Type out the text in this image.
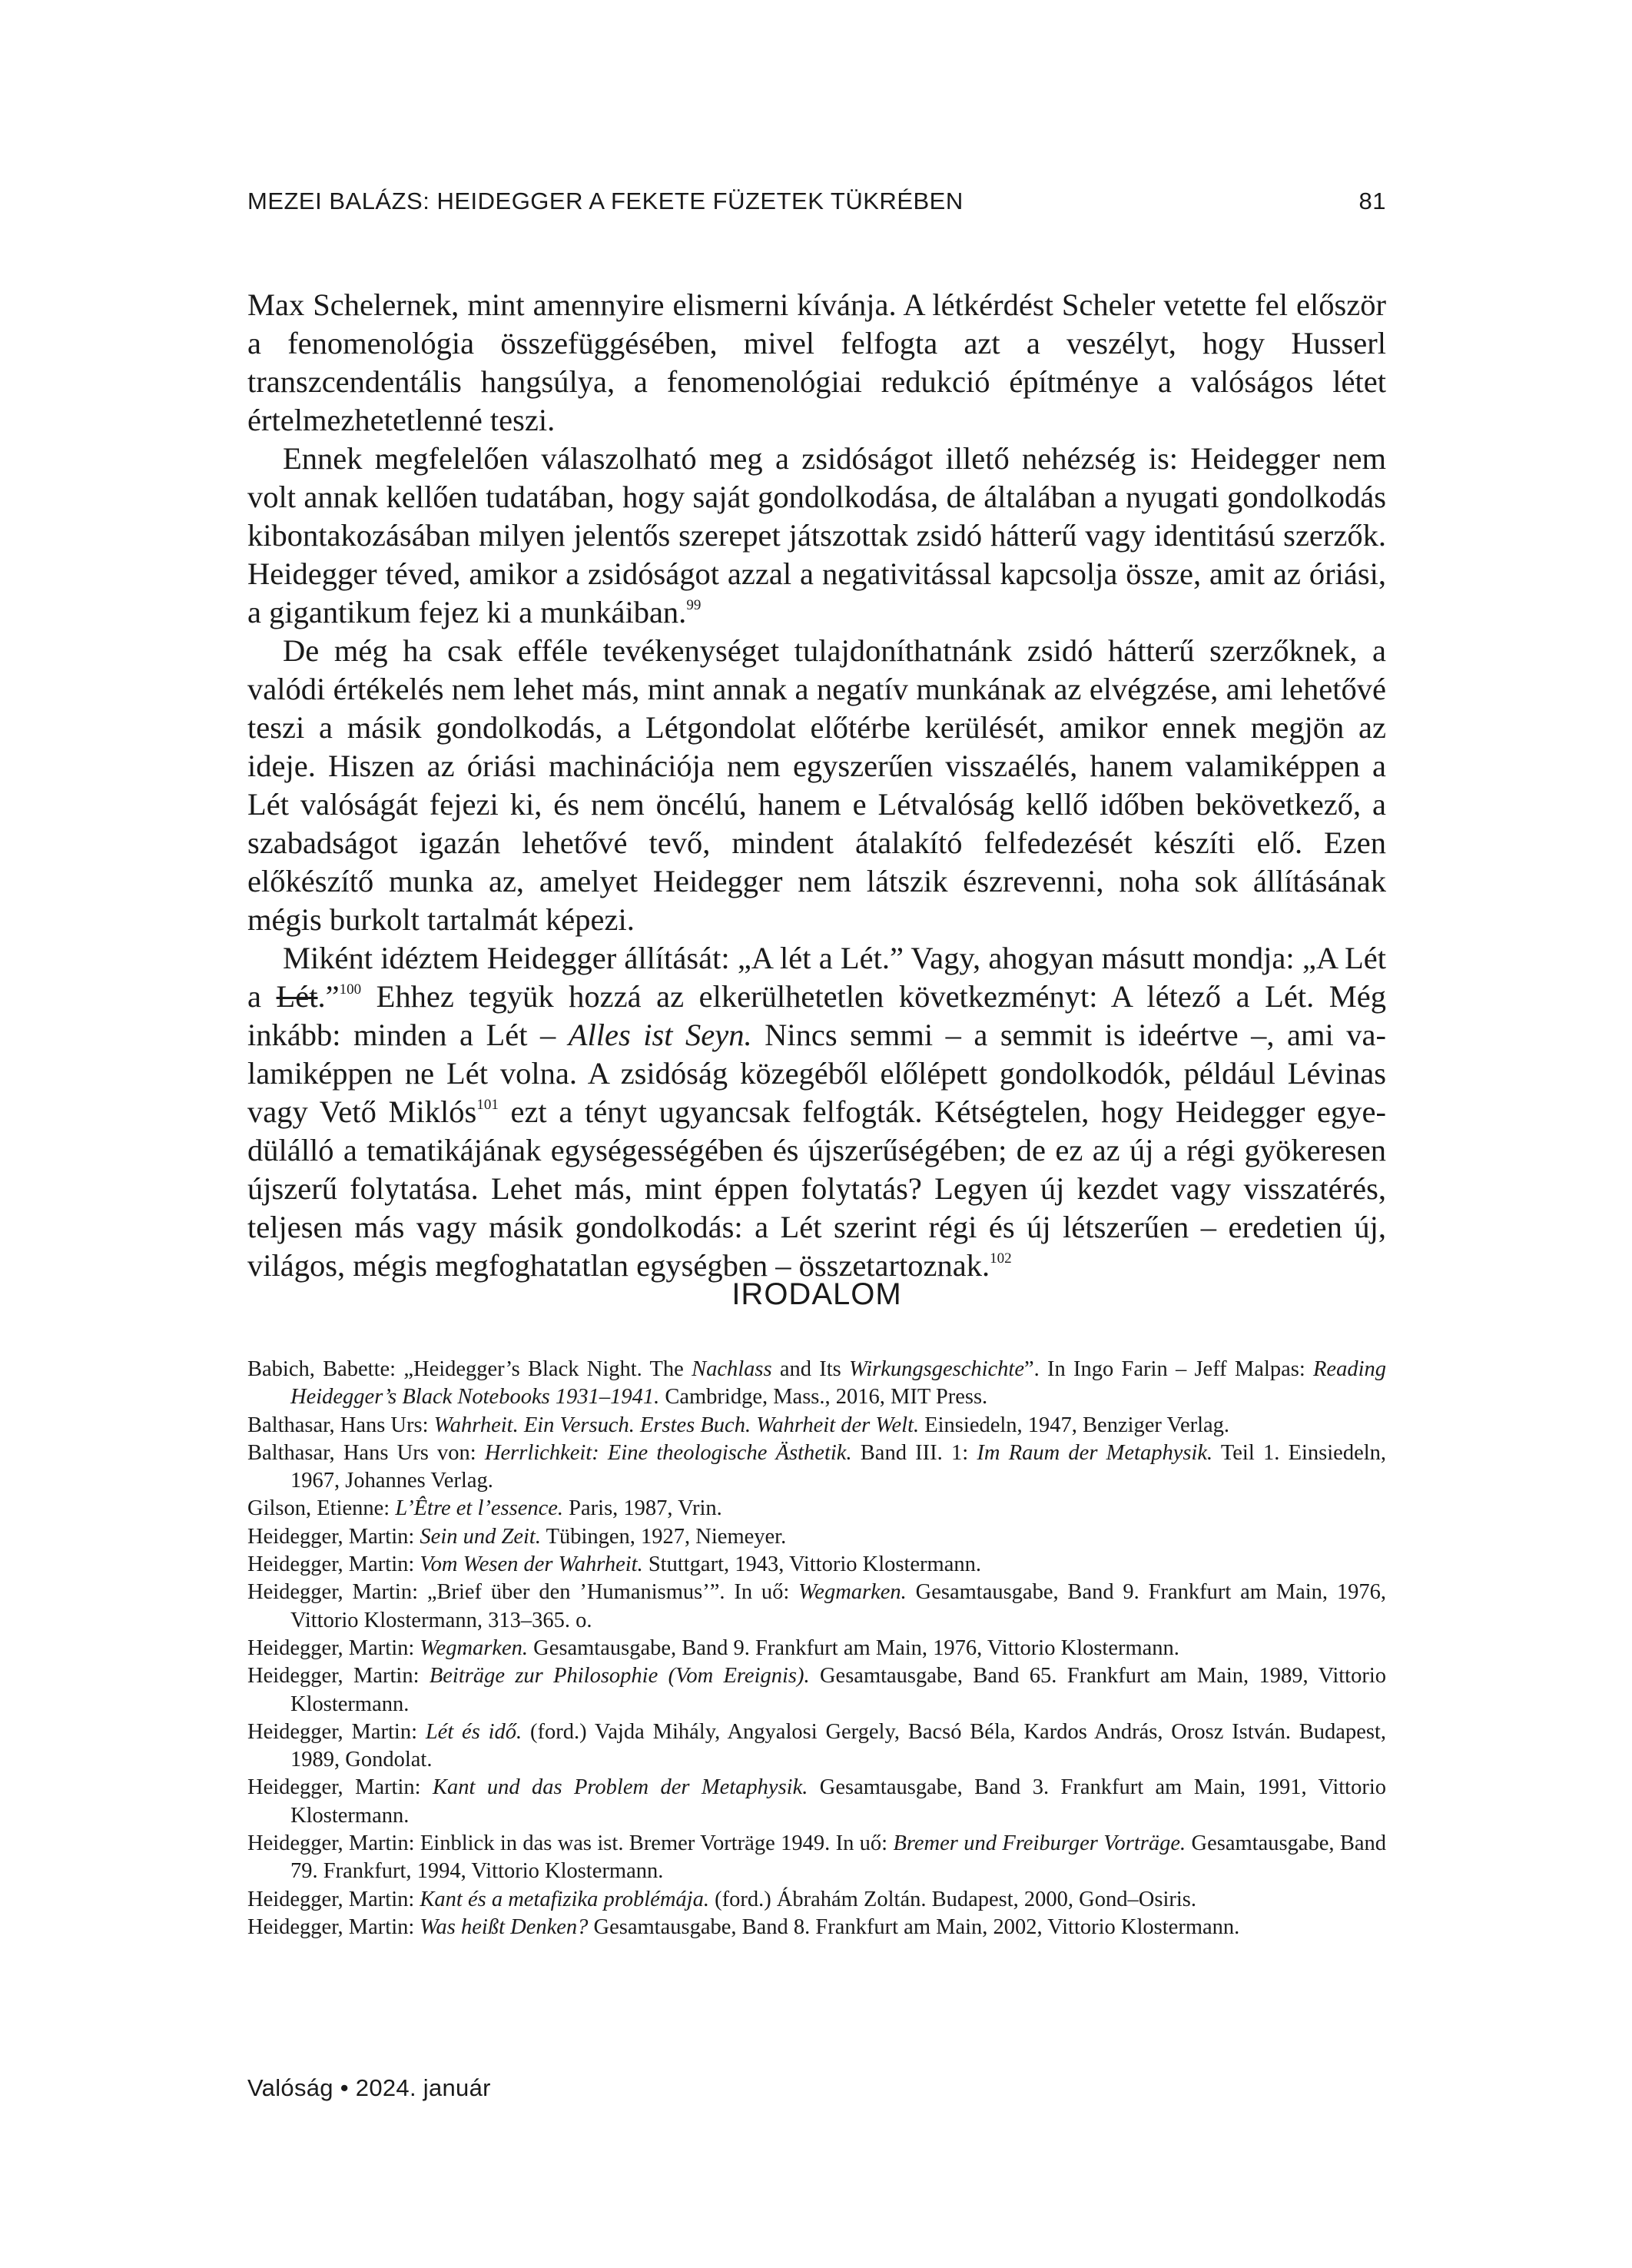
MEZEI BALÁZS: HEIDEGGER A FEKETE FÜZETEK TÜKRÉBEN	81

Max Schelernek, mint amennyire elismerni kívánja. A létkérdést Scheler vetette fel először a fenomenológia összefüggésében, mivel felfogta azt a veszélyt, hogy Husserl transzcendentális hangsúlya, a fenomenológiai redukció építménye a valóságos létet értelmezhetetlenné teszi.

Ennek megfelelően válaszolható meg a zsidóságot illető nehézség is: Heidegger nem volt annak kellően tudatában, hogy saját gondolkodása, de általában a nyugati gondolkodás kibontakozásában milyen jelentős szerepet játszottak zsidó hátterű vagy identitású szerzők. Heidegger téved, amikor a zsidóságot azzal a negativitással kapcsolja össze, amit az óriási, a gigantikum fejez ki a munkáiban.$^{99}$

De még ha csak efféle tevékenységet tulajdoníthatnánk zsidó hátterű szerzőknek, a valódi értékelés nem lehet más, mint annak a negatív munkának az elvégzése, ami lehetővé teszi a másik gondolkodás, a Létgondolat előtérbe kerülését, amikor ennek megjön az ideje. Hiszen az óriási machinációja nem egyszerűen visszaélés, hanem valamiképpen a Lét valóságát fejezi ki, és nem öncélú, hanem e Létvalóság kellő időben bekövetkező, a szabadságot igazán lehetővé tevő, mindent átalakító felfedezését készíti elő. Ezen előkészítő munka az, amelyet Heidegger nem látszik észrevenni, noha sok állításának mégis burkolt tartalmát képezi.

Miként idéztem Heidegger állítását: „A lét a Lét.” Vagy, ahogyan másutt mondja: „A Lét a Lét.”$^{100}$ Ehhez tegyük hozzá az elkerülhetetlen következményt: A létező a Lét. Még inkább: minden a Lét – Alles ist Seyn. Nincs semmi – a semmit is ideértve –, ami valamiképpen ne Lét volna. A zsidóság közegéből előlépett gondolkodók, például Lévinas vagy Vető Miklós$^{101}$ ezt a tényt ugyancsak felfogták. Kétségtelen, hogy Heidegger egyedülálló a tematikájának egységességében és újszerűségében; de ez az új a régi gyökeresen újszerű folytatása. Lehet más, mint éppen folytatás? Legyen új kezdet vagy visszatérés, teljesen más vagy másik gondolkodás: a Lét szerint régi és új létszerűen – eredetien új, világos, mégis megfoghatatlan egységben – összetartoznak.$^{102}$

IRODALOM

Babich, Babette: „Heidegger’s Black Night. The Nachlass and Its Wirkungsgeschichte”. In Ingo Farin – Jeff Malpas: Reading Heidegger’s Black Notebooks 1931–1941. Cambridge, Mass., 2016, MIT Press.

Balthasar, Hans Urs: Wahrheit. Ein Versuch. Erstes Buch. Wahrheit der Welt. Einsiedeln, 1947, Benziger Verlag.

Balthasar, Hans Urs von: Herrlichkeit: Eine theologische Ästhetik. Band III. 1: Im Raum der Metaphysik. Teil 1. Einsiedeln, 1967, Johannes Verlag.

Gilson, Etienne: L’Être et l’essence. Paris, 1987, Vrin.

Heidegger, Martin: Sein und Zeit. Tübingen, 1927, Niemeyer.

Heidegger, Martin: Vom Wesen der Wahrheit. Stuttgart, 1943, Vittorio Klostermann.

Heidegger, Martin: „Brief über den ’Humanismus’”. In uő: Wegmarken. Gesamtausgabe, Band 9. Frankfurt am Main, 1976, Vittorio Klostermann, 313–365. o.

Heidegger, Martin: Wegmarken. Gesamtausgabe, Band 9. Frankfurt am Main, 1976, Vittorio Klostermann.

Heidegger, Martin: Beiträge zur Philosophie (Vom Ereignis). Gesamtausgabe, Band 65. Frankfurt am Main, 1989, Vittorio Klostermann.

Heidegger, Martin: Lét és idő. (ford.) Vajda Mihály, Angyalosi Gergely, Bacsó Béla, Kardos András, Orosz István. Budapest, 1989, Gondolat.

Heidegger, Martin: Kant und das Problem der Metaphysik. Gesamtausgabe, Band 3. Frankfurt am Main, 1991, Vittorio Klostermann.

Heidegger, Martin: Einblick in das was ist. Bremer Vorträge 1949. In uő: Bremer und Freiburger Vorträge. Gesamtausgabe, Band 79. Frankfurt, 1994, Vittorio Klostermann.

Heidegger, Martin: Kant és a metafizika problémája. (ford.) Ábrahám Zoltán. Budapest, 2000, Gond–Osiris.

Heidegger, Martin: Was heißt Denken? Gesamtausgabe, Band 8. Frankfurt am Main, 2002, Vittorio Klostermann.

Valóság • 2024. január
